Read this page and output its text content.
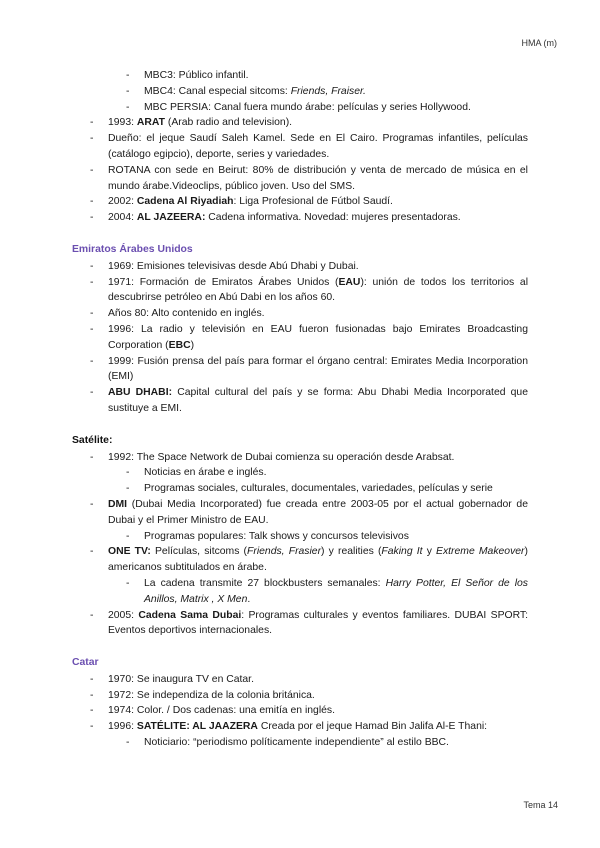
HMA (m)
- MBC3: Público infantil.
- MBC4: Canal especial sitcoms: Friends, Fraiser.
- MBC PERSIA: Canal fuera mundo árabe: películas y series Hollywood.
- 1993: ARAT (Arab radio and television).
- Dueño: el jeque Saudí Saleh Kamel. Sede en El Cairo. Programas infantiles, películas (catálogo egipcio), deporte, series y variedades.
- ROTANA con sede en Beirut: 80% de distribución y venta de mercado de música en el mundo árabe.Videoclips, público joven. Uso del SMS.
- 2002: Cadena Al Riyadiah: Liga Profesional de Fútbol Saudí.
- 2004: AL JAZEERA: Cadena informativa. Novedad: mujeres presentadoras.
Emiratos Árabes Unidos
- 1969: Emisiones televisivas desde Abú Dhabi y Dubai.
- 1971: Formación de Emiratos Árabes Unidos (EAU): unión de todos los territorios al descubrirse petróleo en Abú Dabi en los años 60.
- Años 80: Alto contenido en inglés.
- 1996: La radio y televisión en EAU fueron fusionadas bajo Emirates Broadcasting Corporation (EBC)
- 1999: Fusión prensa del país para formar el órgano central: Emirates Media Incorporation (EMI)
- ABU DHABI: Capital cultural del país y se forma: Abu Dhabi Media Incorporated que sustituye a EMI.
Satélite:
- 1992: The Space Network de Dubai comienza su operación desde Arabsat.
- Noticias en árabe e inglés.
- Programas sociales, culturales, documentales, variedades, películas y serie
- DMI (Dubai Media Incorporated) fue creada entre 2003-05 por el actual gobernador de Dubai y el Primer Ministro de EAU.
- Programas populares: Talk shows y concursos televisivos
- ONE TV: Películas, sitcoms (Friends, Frasier) y realities (Faking It y Extreme Makeover) americanos subtitulados en árabe.
- La cadena transmite 27 blockbusters semanales: Harry Potter, El Señor de los Anillos, Matrix , X Men.
- 2005: Cadena Sama Dubai: Programas culturales y eventos familiares. DUBAI SPORT: Eventos deportivos internacionales.
Catar
- 1970: Se inaugura TV en Catar.
- 1972: Se independiza de la colonia británica.
- 1974: Color. / Dos cadenas: una emitía en inglés.
- 1996: SATÉLITE: AL JAAZERA Creada por el jeque Hamad Bin Jalifa Al-E Thani:
- Noticiario: “periodismo políticamente independiente” al estilo BBC.
Tema 14
